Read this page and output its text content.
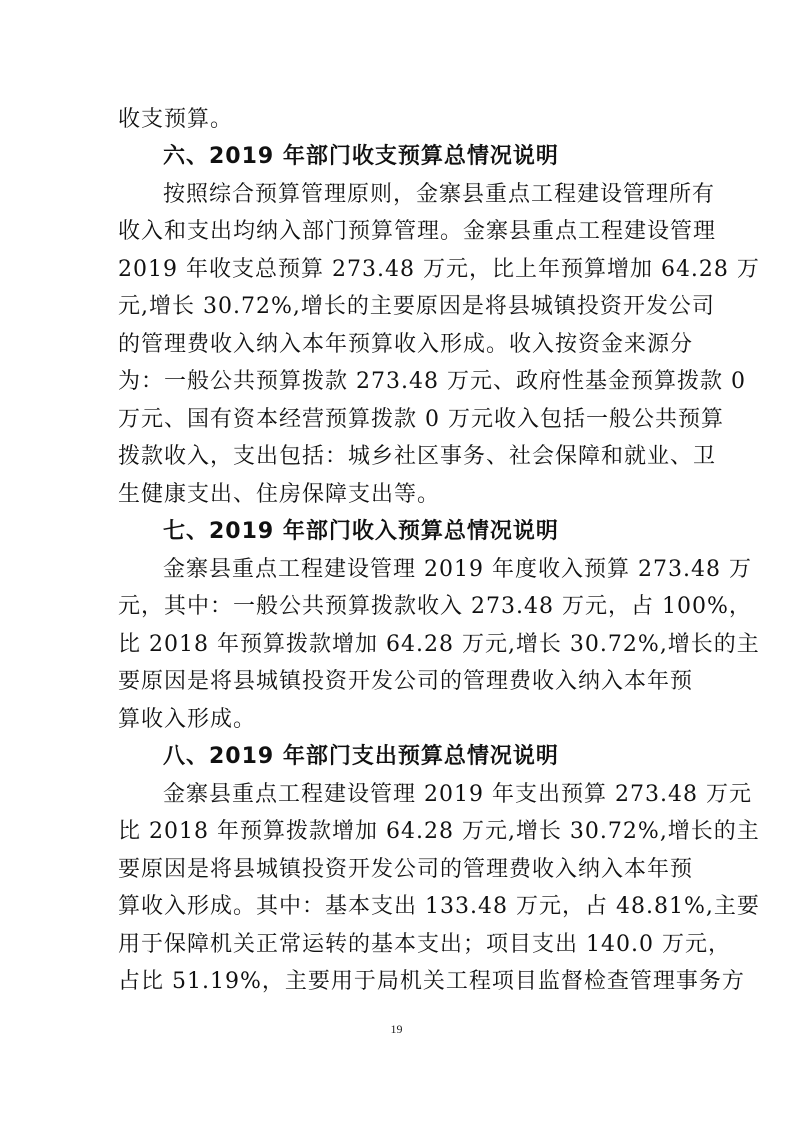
收支预算。
六、2019 年部门收支预算总情况说明
按照综合预算管理原则，金寨县重点工程建设管理所有
收入和支出均纳入部门预算管理。金寨县重点工程建设管理
2019 年收支总预算 273.48 万元，比上年预算增加 64.28 万
元,增长 30.72%,增长的主要原因是将县城镇投资开发公司
的管理费收入纳入本年预算收入形成。收入按资金来源分
为：一般公共预算拨款 273.48 万元、政府性基金预算拨款 0
万元、国有资本经营预算拨款 0 万元收入包括一般公共预算
拨款收入，支出包括：城乡社区事务、社会保障和就业、卫
生健康支出、住房保障支出等。
七、2019 年部门收入预算总情况说明
金寨县重点工程建设管理 2019 年度收入预算 273.48 万
元，其中：一般公共预算拨款收入 273.48 万元，占 100%，
比 2018 年预算拨款增加 64.28 万元,增长 30.72%,增长的主
要原因是将县城镇投资开发公司的管理费收入纳入本年预
算收入形成。
八、2019 年部门支出预算总情况说明
金寨县重点工程建设管理 2019 年支出预算 273.48 万元
比 2018 年预算拨款增加 64.28 万元,增长 30.72%,增长的主
要原因是将县城镇投资开发公司的管理费收入纳入本年预
算收入形成。其中：基本支出 133.48 万元，占 48.81%,主要
用于保障机关正常运转的基本支出；项目支出 140.0 万元，
占比 51.19%，主要用于局机关工程项目监督检查管理事务方
19
